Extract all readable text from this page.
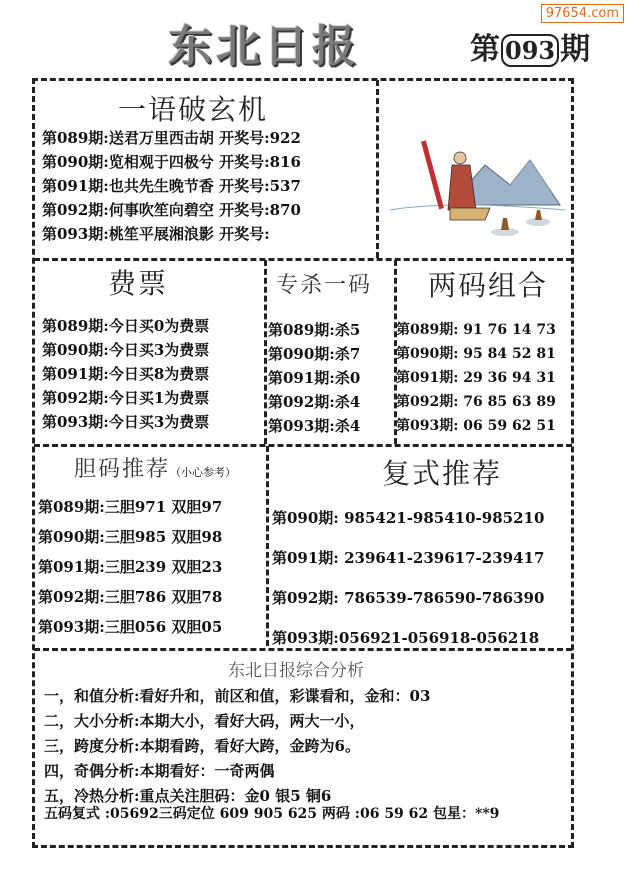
97654.com
东北日报	第 093 期
一语破玄机
第089期:送君万里西击胡 开奖号:922
第090期:览相观于四极兮 开奖号:816
第091期:也共先生晚节香 开奖号:537
第092期:何事吹笙向碧空 开奖号:870
第093期:桃笙平展湘浪影 开奖号:
费票
第089期:今日买0为费票
第090期:今日买3为费票
第091期:今日买8为费票
第092期:今日买1为费票
第093期:今日买3为费票
专杀一码
第089期:杀5
第090期:杀7
第091期:杀0
第092期:杀4
第093期:杀4
两码组合
第089期: 91 76 14 73
第090期: 95 84 52 81
第091期: 29 36 94 31
第092期: 76 85 63 89
第093期: 06 59 62 51
胆码推荐（小心参考）
第089期:三胆971 双胆97
第090期:三胆985 双胆98
第091期:三胆239 双胆23
第092期:三胆786 双胆78
第093期:三胆056 双胆05
复式推荐
第090期: 985421-985410-985210
第091期: 239641-239617-239417
第092期: 786539-786590-786390
第093期:056921-056918-056218
东北日报综合分析
一，和值分析:看好升和，前区和值，彩谍看和，金和：03
二，大小分析:本期大小，看好大码，两大一小，
三，跨度分析:本期看跨，看好大跨，金跨为6。
四，奇偶分析:本期看好：一奇两偶
五，冷热分析:重点关注胆码：金0 银5 铜6
五码复式 :05692三码定位 609 905 625 两码 :06 59 62 包星：**9
